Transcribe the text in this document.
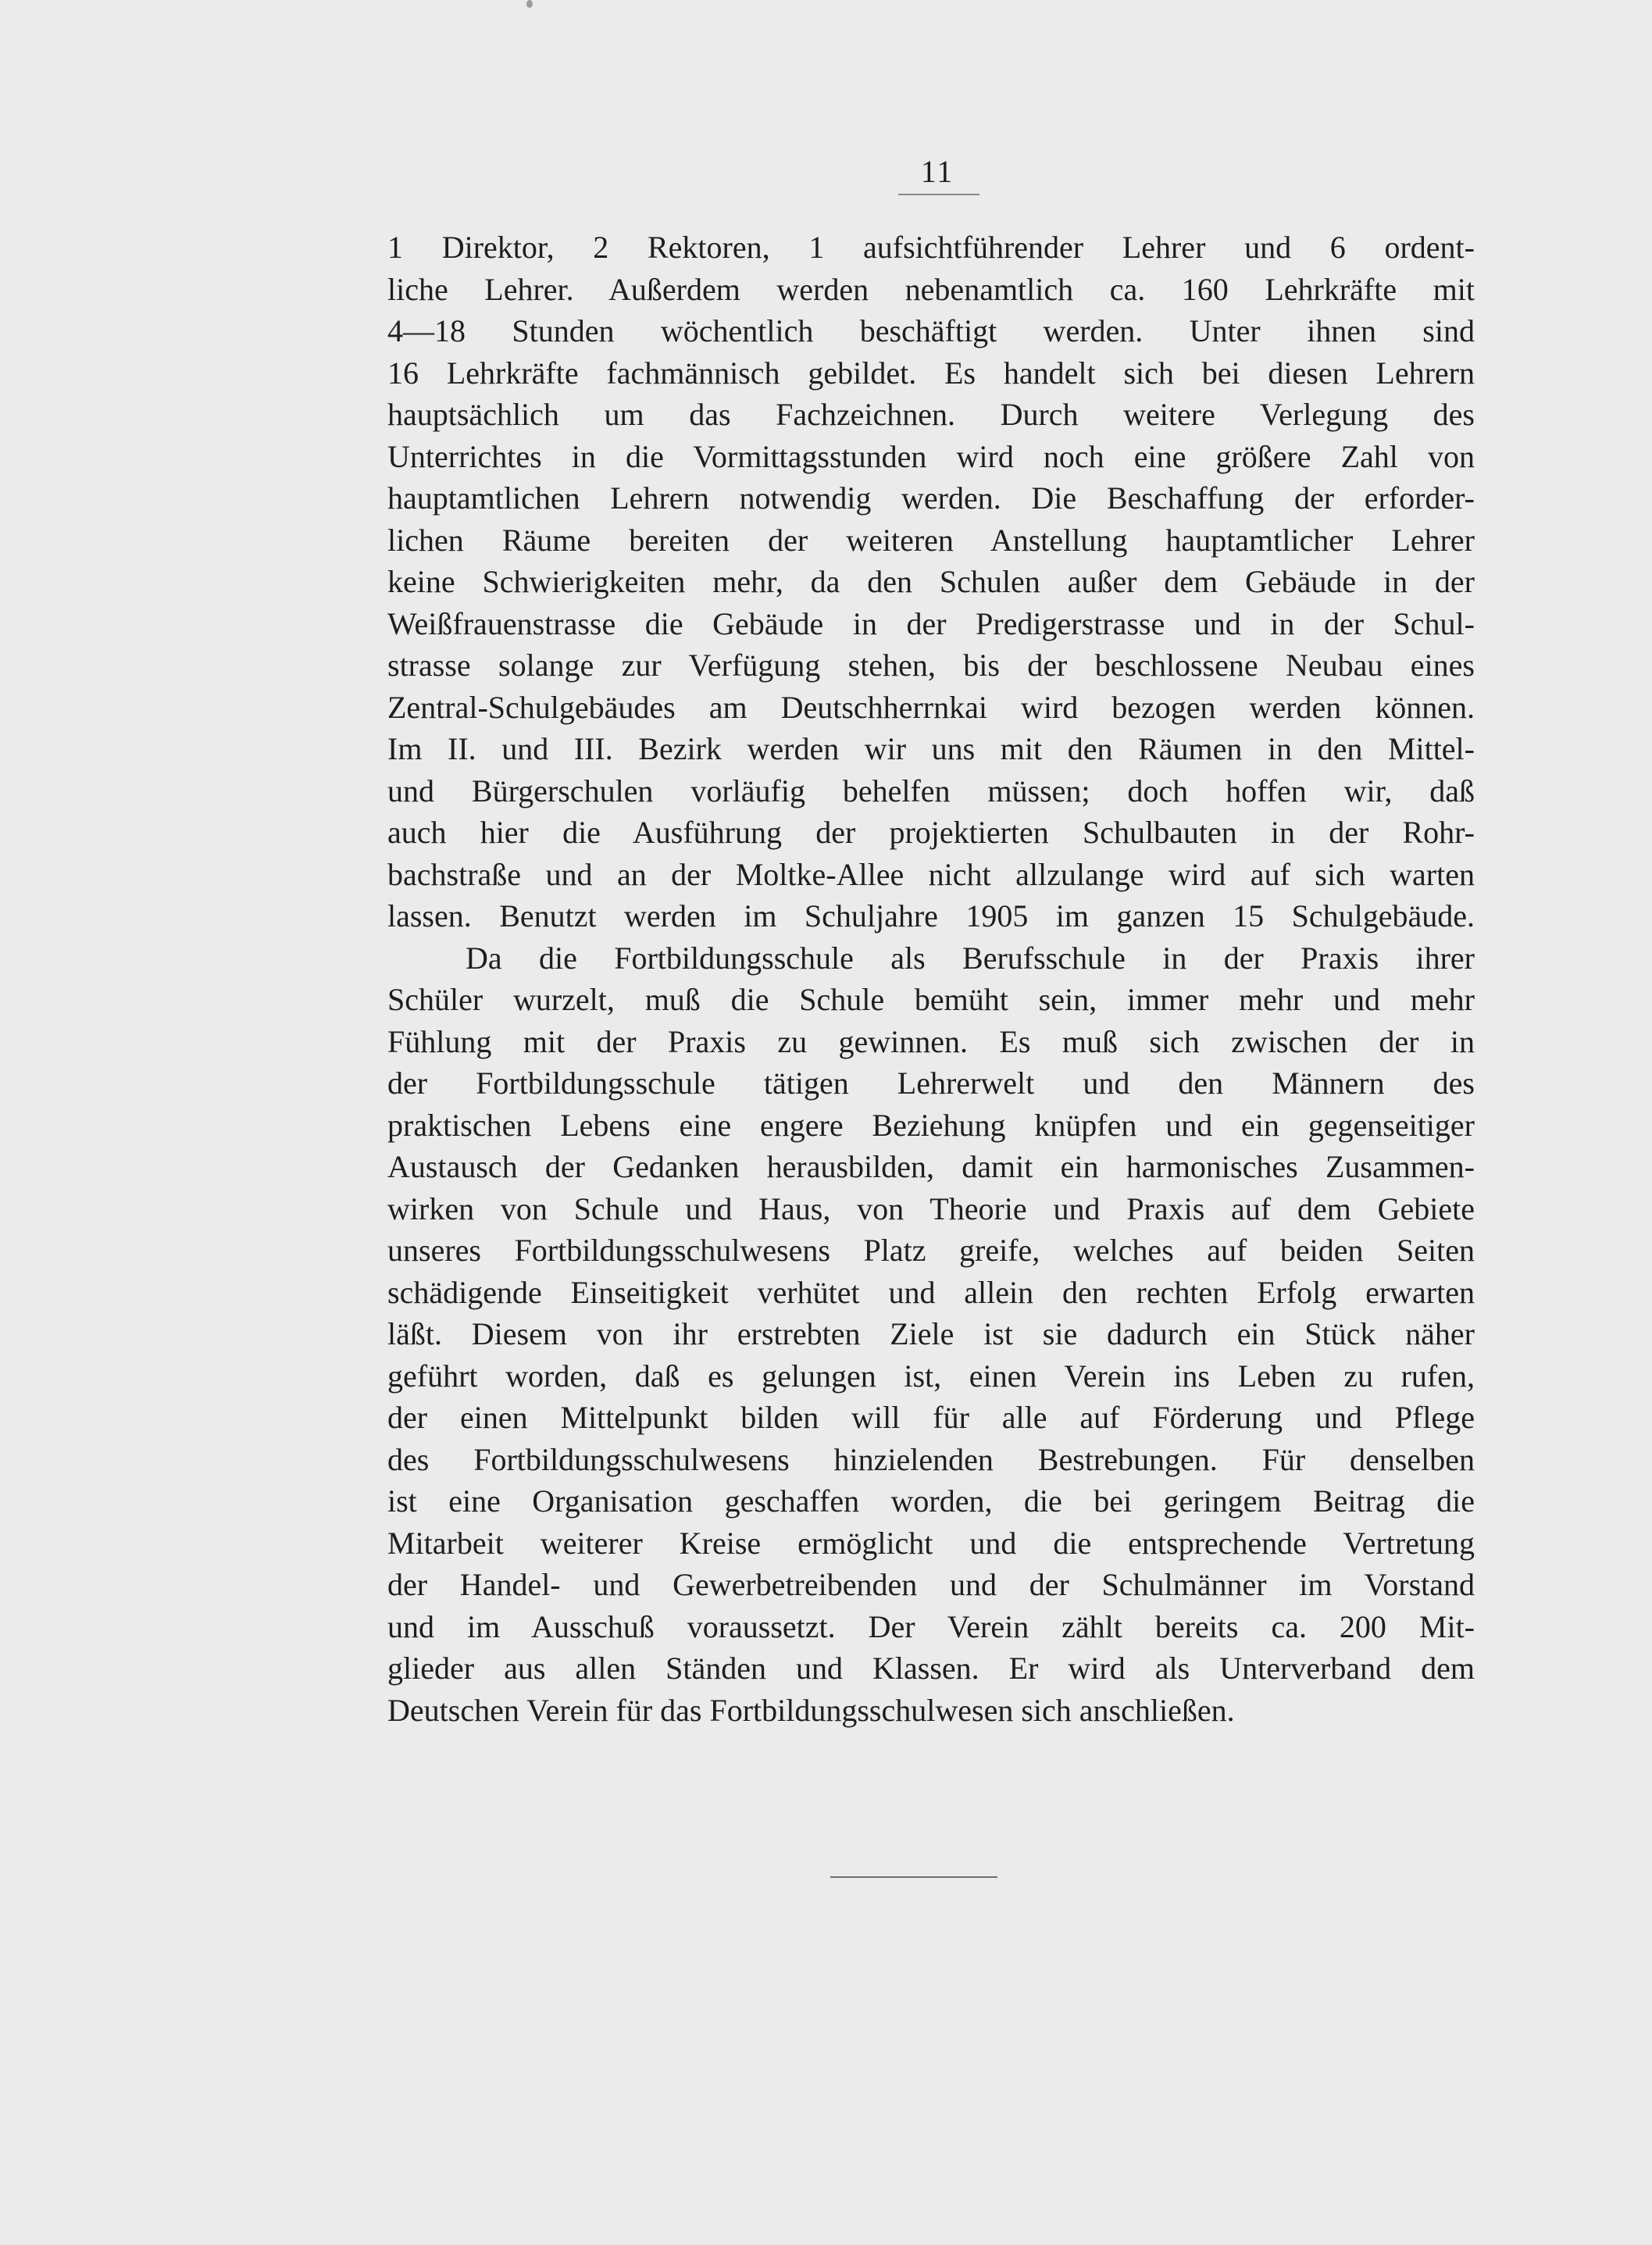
11
1 Direktor, 2 Rektoren, 1 aufsichtführender Lehrer und 6 ordent-
liche Lehrer. Außerdem werden nebenamtlich ca. 160 Lehrkräfte mit
4—18 Stunden wöchentlich beschäftigt werden. Unter ihnen sind
16 Lehrkräfte fachmännisch gebildet. Es handelt sich bei diesen Lehrern
hauptsächlich um das Fachzeichnen. Durch weitere Verlegung des
Unterrichtes in die Vormittagsstunden wird noch eine größere Zahl von
hauptamtlichen Lehrern notwendig werden. Die Beschaffung der erforder-
lichen Räume bereiten der weiteren Anstellung hauptamtlicher Lehrer
keine Schwierigkeiten mehr, da den Schulen außer dem Gebäude in der
Weißfrauenstrasse die Gebäude in der Predigerstrasse und in der Schul-
strasse solange zur Verfügung stehen, bis der beschlossene Neubau eines
Zentral-Schulgebäudes am Deutschherrnkai wird bezogen werden können.
Im II. und III. Bezirk werden wir uns mit den Räumen in den Mittel-
und Bürgerschulen vorläufig behelfen müssen; doch hoffen wir, daß
auch hier die Ausführung der projektierten Schulbauten in der Rohr-
bachstraße und an der Moltke-Allee nicht allzulange wird auf sich warten
lassen. Benutzt werden im Schuljahre 1905 im ganzen 15 Schulgebäude.
Da die Fortbildungsschule als Berufsschule in der Praxis ihrer
Schüler wurzelt, muß die Schule bemüht sein, immer mehr und mehr
Fühlung mit der Praxis zu gewinnen. Es muß sich zwischen der in
der Fortbildungsschule tätigen Lehrerwelt und den Männern des
praktischen Lebens eine engere Beziehung knüpfen und ein gegenseitiger
Austausch der Gedanken herausbilden, damit ein harmonisches Zusammen-
wirken von Schule und Haus, von Theorie und Praxis auf dem Gebiete
unseres Fortbildungsschulwesens Platz greife, welches auf beiden Seiten
schädigende Einseitigkeit verhütet und allein den rechten Erfolg erwarten
läßt. Diesem von ihr erstrebten Ziele ist sie dadurch ein Stück näher
geführt worden, daß es gelungen ist, einen Verein ins Leben zu rufen,
der einen Mittelpunkt bilden will für alle auf Förderung und Pflege
des Fortbildungsschulwesens hinzielenden Bestrebungen. Für denselben
ist eine Organisation geschaffen worden, die bei geringem Beitrag die
Mitarbeit weiterer Kreise ermöglicht und die entsprechende Vertretung
der Handel- und Gewerbetreibenden und der Schulmänner im Vorstand
und im Ausschuß voraussetzt. Der Verein zählt bereits ca. 200 Mit-
glieder aus allen Ständen und Klassen. Er wird als Unterverband dem
Deutschen Verein für das Fortbildungsschulwesen sich anschließen.
